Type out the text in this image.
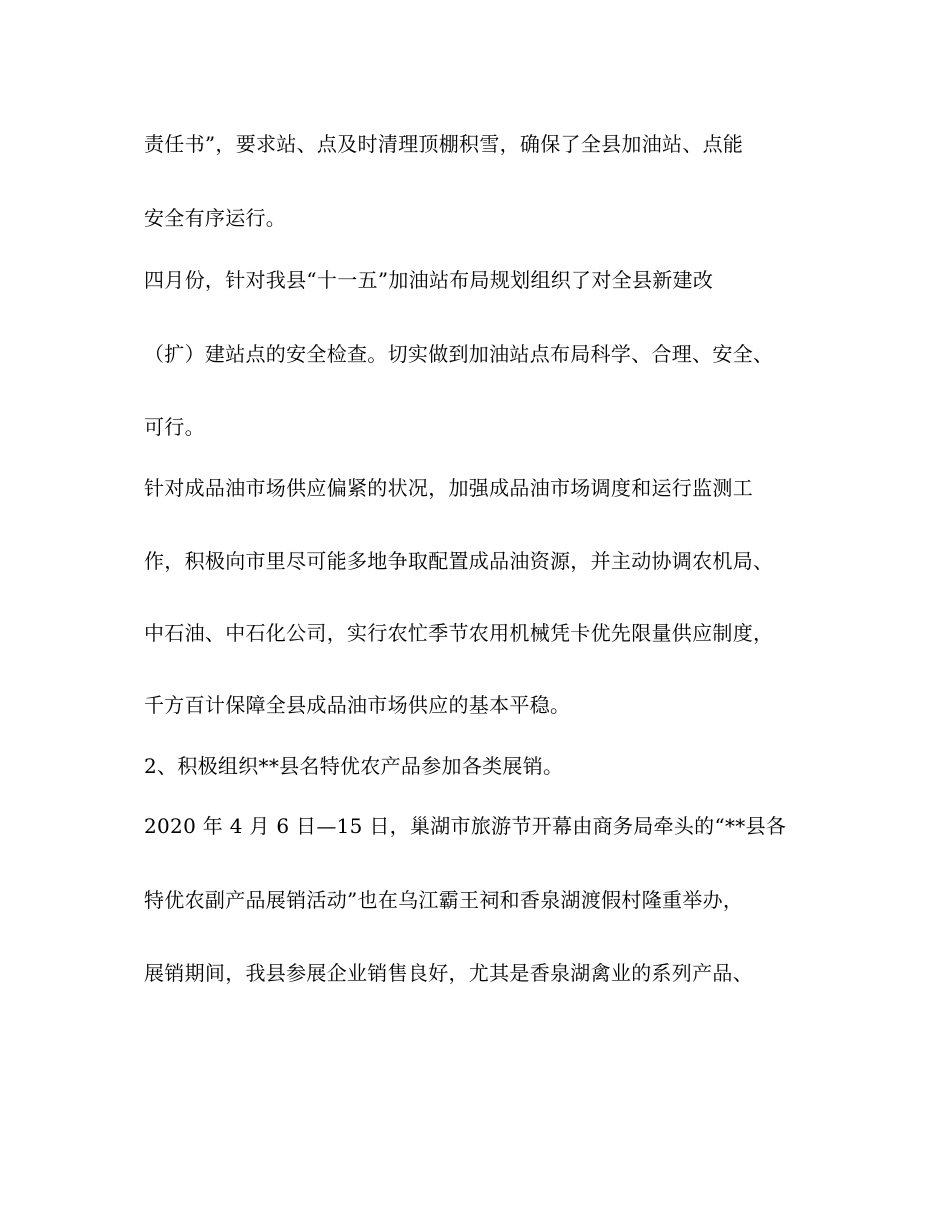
责任书”，要求站、点及时清理顶棚积雪，确保了全县加油站、点能
安全有序运行。
四月份，针对我县“十一五”加油站布局规划组织了对全县新建改
（扩）建站点的安全检查。切实做到加油站点布局科学、合理、安全、
可行。
针对成品油市场供应偏紧的状况，加强成品油市场调度和运行监测工
作，积极向市里尽可能多地争取配置成品油资源，并主动协调农机局、
中石油、中石化公司，实行农忙季节农用机械凭卡优先限量供应制度，
千方百计保障全县成品油市场供应的基本平稳。
2、积极组织**县名特优农产品参加各类展销。
2020 年 4 月 6 日—15 日，巢湖市旅游节开幕由商务局牵头的“**县各
特优农副产品展销活动”也在乌江霸王祠和香泉湖渡假村隆重举办，
展销期间，我县参展企业销售良好，尤其是香泉湖禽业的系列产品、
